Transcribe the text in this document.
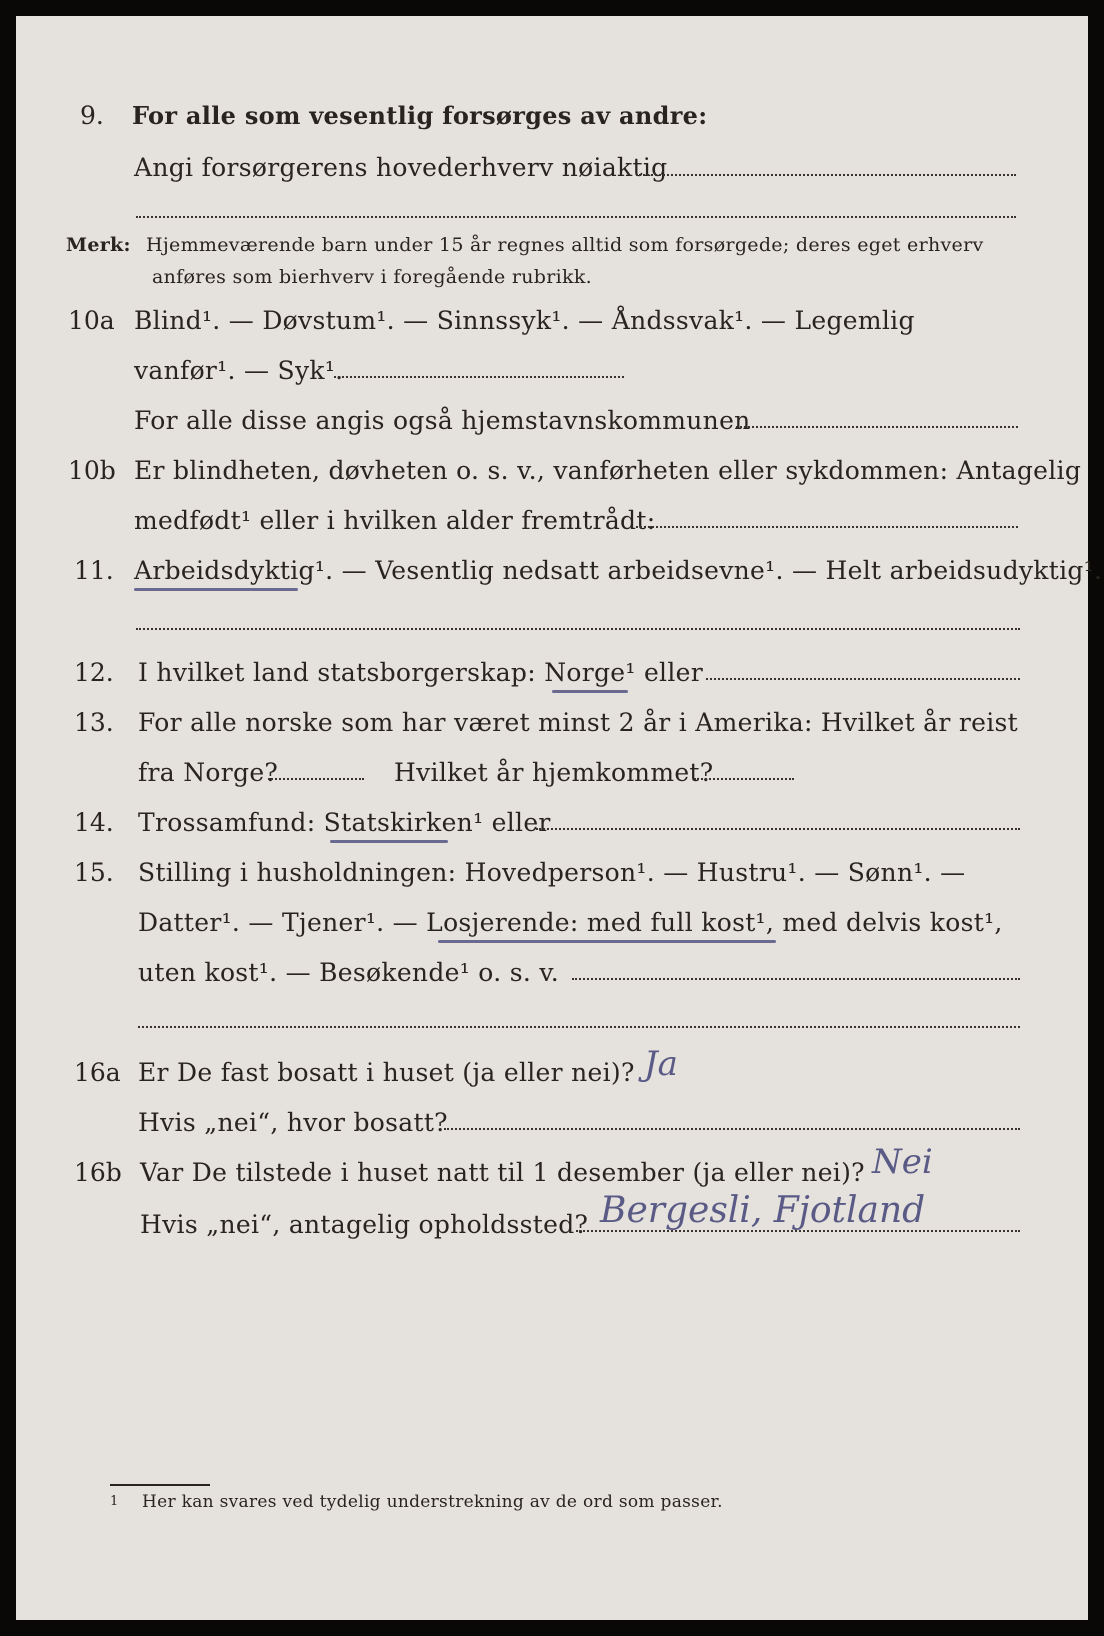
9. For alle som vesentlig forsørges av andre:
Angi forsørgerens hovederhverv nøiaktig
Merk: Hjemmeværende barn under 15 år regnes alltid som forsørgede; deres eget erhverv
anføres som bierhverv i foregående rubrikk.
10a Blind¹. — Døvstum¹. — Sinnssyk¹. — Åndssvak¹. — Legemlig
vanfør¹. — Syk¹.
For alle disse angis også hjemstavnskommunen
10b Er blindheten, døvheten o. s. v., vanførheten eller sykdommen: Antagelig
medfødt¹ eller i hvilken alder fremtrådt:
11. Arbeidsdyktig¹. — Vesentlig nedsatt arbeidsevne¹. — Helt arbeidsudyktig¹.
12. I hvilket land statsborgerskap: Norge¹ eller
13. For alle norske som har været minst 2 år i Amerika: Hvilket år reist
fra Norge?	Hvilket år hjemkommet?
14. Trossamfund: Statskirken¹ eller
15. Stilling i husholdningen: Hovedperson¹. — Hustru¹. — Sønn¹. —
Datter¹. — Tjener¹. — Losjerende: med full kost¹, med delvis kost¹,
uten kost¹. — Besøkende¹ o. s. v.
16a Er De fast bosatt i huset (ja eller nei)? Ja
Hvis „nei“, hvor bosatt?
16b Var De tilstede i huset natt til 1 desember (ja eller nei)? Nei
Hvis „nei“, antagelig opholdssted? Bergesli, Fjotland
1 Her kan svares ved tydelig understrekning av de ord som passer.
